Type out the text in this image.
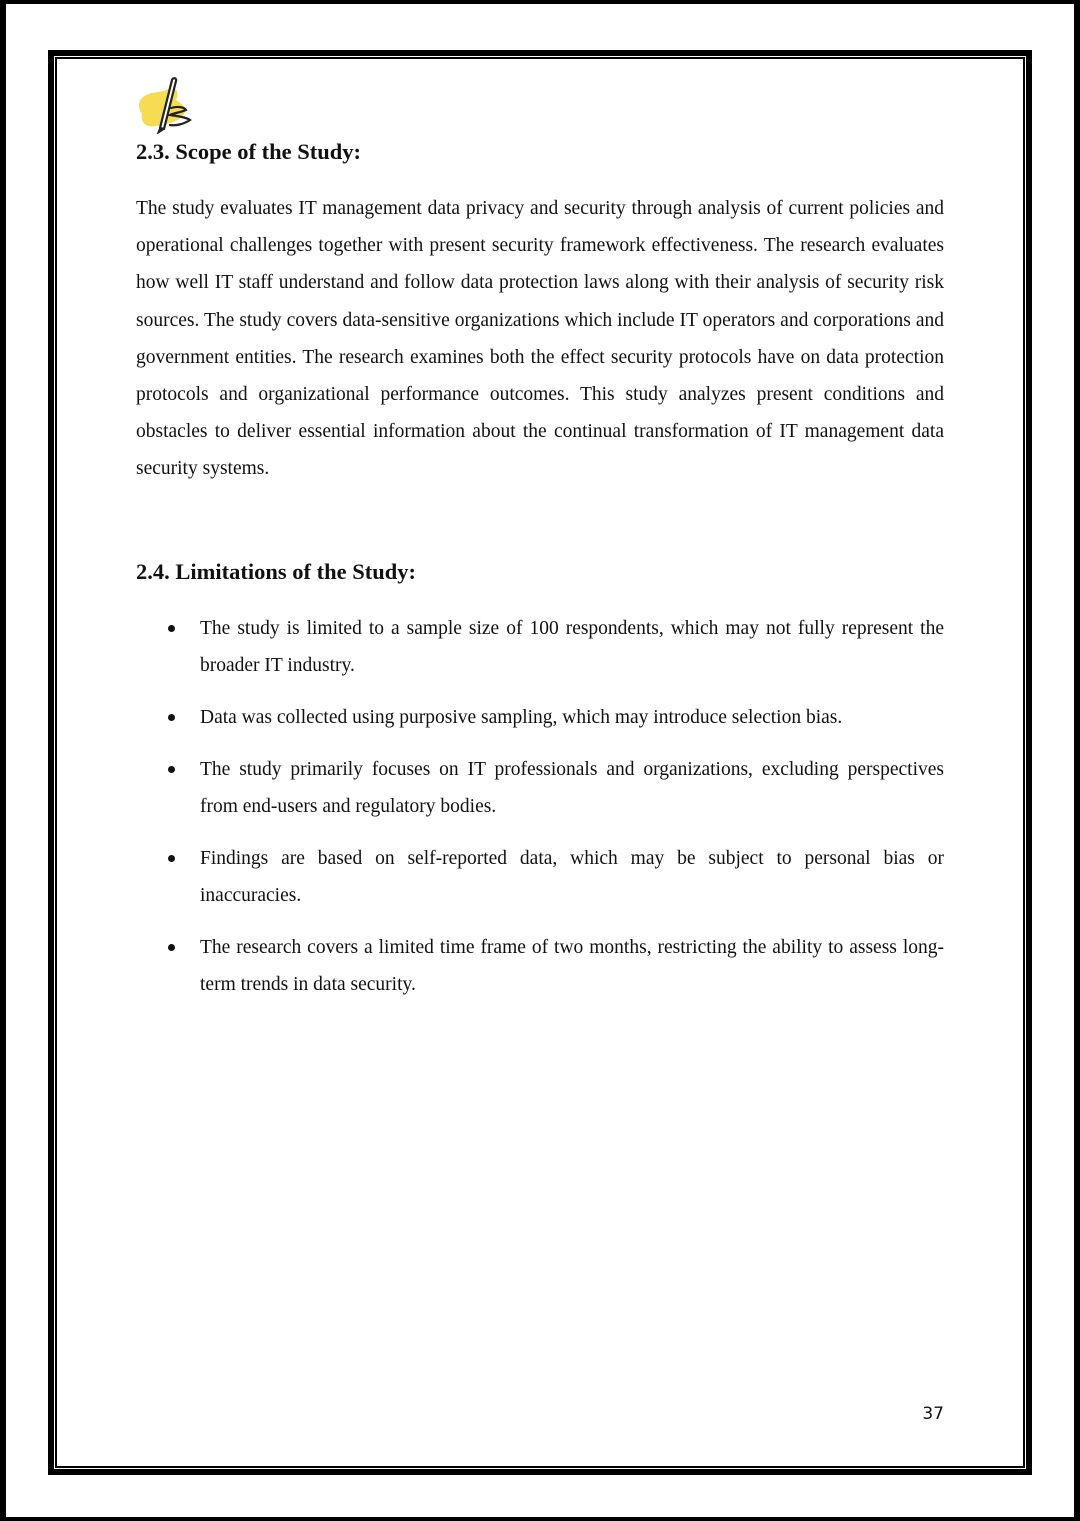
2.3. Scope of the Study:

The study evaluates IT management data privacy and security through analysis of current policies and operational challenges together with present security framework effectiveness. The research evaluates how well IT staff understand and follow data protection laws along with their analysis of security risk sources. The study covers data-sensitive organizations which include IT operators and corporations and government entities. The research examines both the effect security protocols have on data protection protocols and organizational performance outcomes. This study analyzes present conditions and obstacles to deliver essential information about the continual transformation of IT management data security systems.

2.4. Limitations of the Study:
The study is limited to a sample size of 100 respondents, which may not fully represent the broader IT industry.
Data was collected using purposive sampling, which may introduce selection bias.
The study primarily focuses on IT professionals and organizations, excluding perspectives from end-users and regulatory bodies.
Findings are based on self-reported data, which may be subject to personal bias or inaccuracies.
The research covers a limited time frame of two months, restricting the ability to assess long-term trends in data security.
37
